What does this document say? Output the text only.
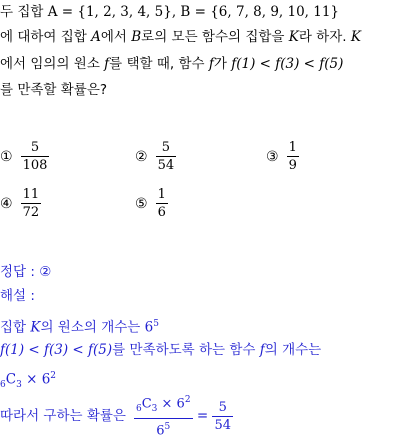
두 집합 A = {1, 2, 3, 4, 5}, B = {6, 7, 8, 9, 10, 11}
에 대하여 집합 A에서 B로의 모든 함수의 집합을 K라 하자. K
에서 임의의 원소 f를 택할 때, 함수 f가 f(1) < f(3) < f(5)
를 만족할 확률은?
① $\frac{5}{108}$	② $\frac{5}{54}$	③ $\frac{1}{9}$
④ $\frac{11}{72}$	⑤ $\frac{1}{6}$
정답 : ②
해설 :
집합 K의 원소의 개수는 $6^5$
f(1) < f(3) < f(5)를 만족하도록 하는 함수 f의 개수는
$_6C_3 \times 6^2$
따라서 구하는 확률은 $\frac{_6C_3 \times 6^2}{6^5} = \frac{5}{54}$
